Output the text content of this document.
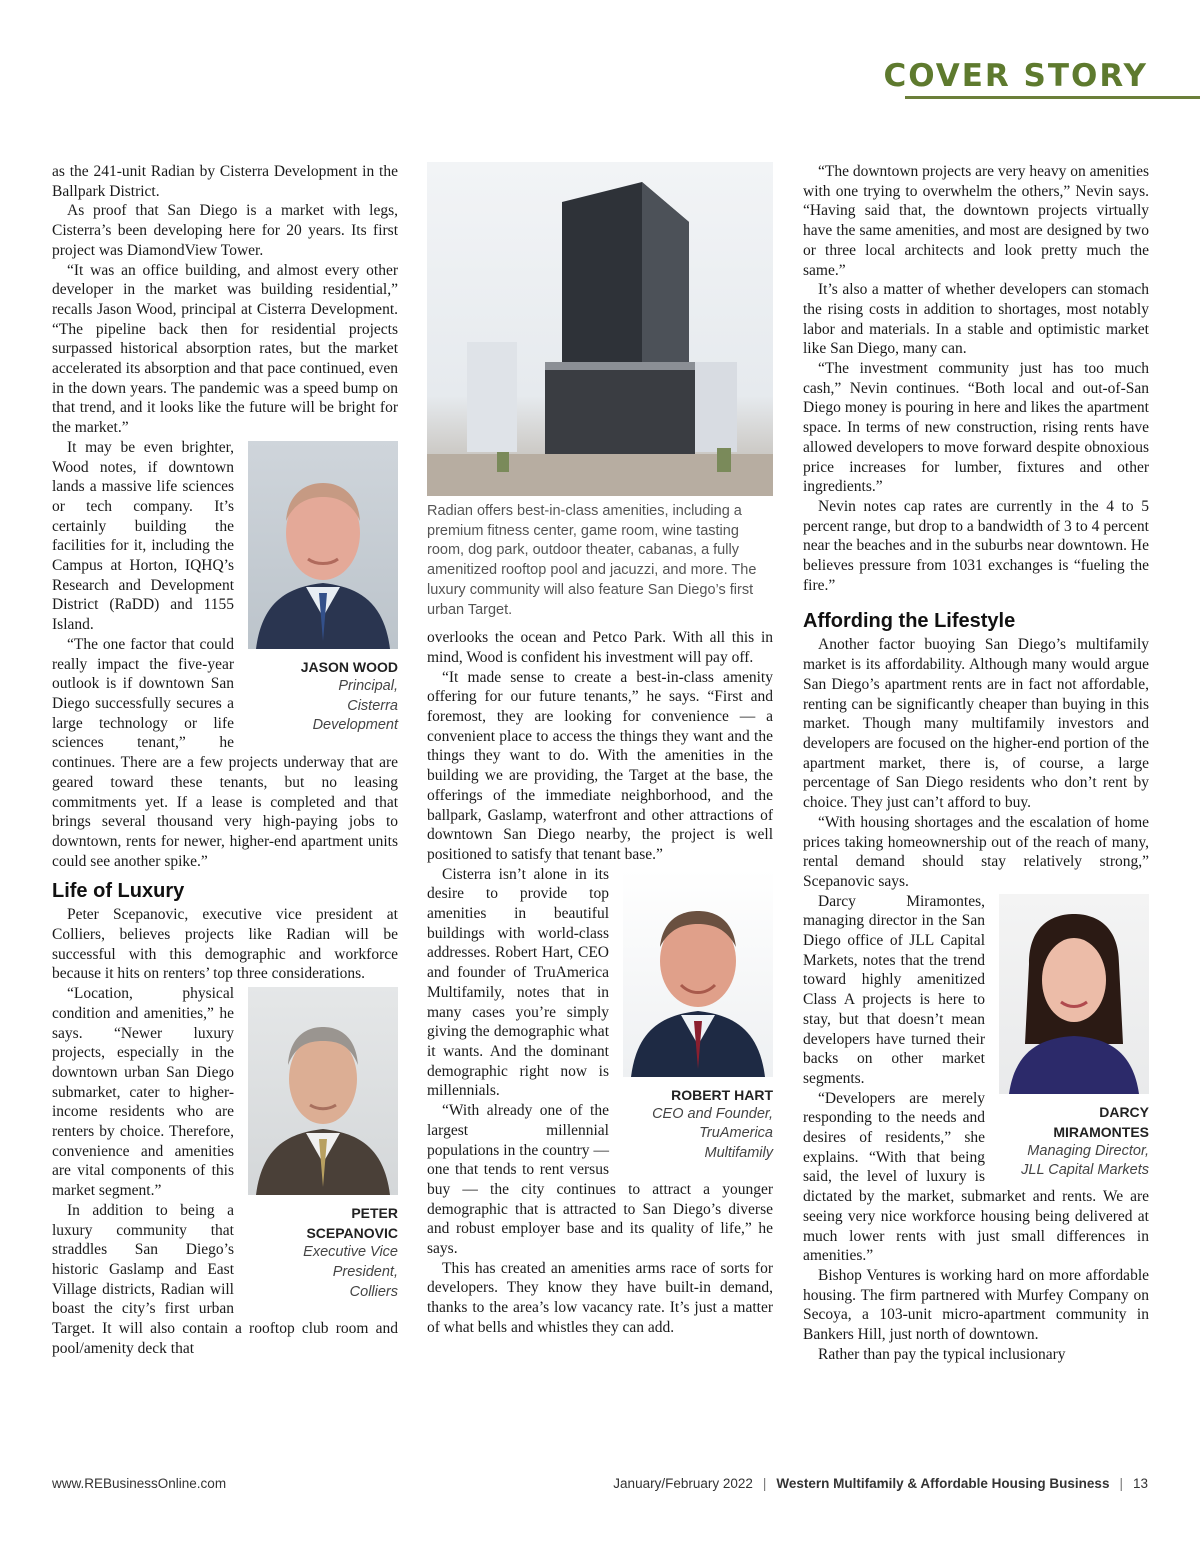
COVER STORY

as the 241-unit Radian by Cisterra Development in the Ballpark District.

As proof that San Diego is a market with legs, Cisterra’s been developing here for 20 years. Its first project was DiamondView Tower.

“It was an office building, and almost every other developer in the market was building residential,” recalls Jason Wood, principal at Cisterra Development. “The pipeline back then for residential projects surpassed historical absorption rates, but the market accelerated its absorption and that pace continued, even in the down years. The pandemic was a speed bump on that trend, and it looks like the future will be bright for the market.”

JASON WOOD
Principal,
Cisterra
Development

It may be even brighter, Wood notes, if downtown lands a massive life sciences or tech company. It’s certainly building the facilities for it, including the Campus at Horton, IQHQ’s Research and Development District (RaDD) and 1155 Island.

“The one factor that could really impact the five-year outlook is if downtown San Diego successfully secures a large technology or life sciences tenant,” he continues. There are a few projects underway that are geared toward these tenants, but no leasing commitments yet. If a lease is completed and that brings several thousand very high-paying jobs to downtown, rents for newer, higher-end apartment units could see another spike.”

Life of Luxury

Peter Scepanovic, executive vice president at Colliers, believes projects like Radian will be successful with this demographic and workforce because it hits on renters’ top three considerations.

PETER
SCEPANOVIC
Executive Vice
President,
Colliers

“Location, physical condition and amenities,” he says. “Newer luxury projects, especially in the downtown urban San Diego submarket, cater to higher-income residents who are renters by choice. Therefore, convenience and amenities are vital components of this market segment.”

In addition to being a luxury community that straddles San Diego’s historic Gaslamp and East Village districts, Radian will boast the city’s first urban Target. It will also contain a rooftop club room and pool/amenity deck that

Radian offers best-in-class amenities, including a premium fitness center, game room, wine tasting room, dog park, outdoor theater, cabanas, a fully amenitized rooftop pool and jacuzzi, and more. The luxury community will also feature San Diego’s first urban Target.

overlooks the ocean and Petco Park. With all this in mind, Wood is confident his investment will pay off.

“It made sense to create a best-in-class amenity offering for our future tenants,” he says. “First and foremost, they are looking for convenience — a convenient place to access the things they want and the things they want to do. With the amenities in the building we are providing, the Target at the base, the offerings of the immediate neighborhood, and the ballpark, Gaslamp, waterfront and other attractions of downtown San Diego nearby, the project is well positioned to satisfy that tenant base.”

ROBERT HART
CEO and Founder,
TruAmerica
Multifamily

Cisterra isn’t alone in its desire to provide top amenities in beautiful buildings with world-class addresses. Robert Hart, CEO and founder of TruAmerica Multifamily, notes that in many cases you’re simply giving the demographic what it wants. And the dominant demographic right now is millennials.

“With already one of the largest millennial populations in the country — one that tends to rent versus buy — the city continues to attract a younger demographic that is attracted to San Diego’s diverse and robust employer base and its quality of life,” he says.

This has created an amenities arms race of sorts for developers. They know they have built-in demand, thanks to the area’s low vacancy rate. It’s just a matter of what bells and whistles they can add.

“The downtown projects are very heavy on amenities with one trying to overwhelm the others,” Nevin says. “Having said that, the downtown projects virtually have the same amenities, and most are designed by two or three local architects and look pretty much the same.”

It’s also a matter of whether developers can stomach the rising costs in addition to shortages, most notably labor and materials. In a stable and optimistic market like San Diego, many can.

“The investment community just has too much cash,” Nevin continues. “Both local and out-of-San Diego money is pouring in here and likes the apartment space. In terms of new construction, rising rents have allowed developers to move forward despite obnoxious price increases for lumber, fixtures and other ingredients.”

Nevin notes cap rates are currently in the 4 to 5 percent range, but drop to a bandwidth of 3 to 4 percent near the beaches and in the suburbs near downtown. He believes pressure from 1031 exchanges is “fueling the fire.”

Affording the Lifestyle

Another factor buoying San Diego’s multifamily market is its affordability. Although many would argue San Diego’s apartment rents are in fact not affordable, renting can be significantly cheaper than buying in this market. Though many multifamily investors and developers are focused on the higher-end portion of the apartment market, there is, of course, a large percentage of San Diego residents who don’t rent by choice. They just can’t afford to buy.

“With housing shortages and the escalation of home prices taking homeownership out of the reach of many, rental demand should stay relatively strong,” Scepanovic says.

DARCY
MIRAMONTES
Managing Director,
JLL Capital Markets

Darcy Miramontes, managing director in the San Diego office of JLL Capital Markets, notes that the trend toward highly amenitized Class A projects is here to stay, but that doesn’t mean developers have turned their backs on other market segments.

“Developers are merely responding to the needs and desires of residents,” she explains. “With that being said, the level of luxury is dictated by the market, submarket and rents. We are seeing very nice workforce housing being delivered at much lower rents with just small differences in amenities.”

Bishop Ventures is working hard on more affordable housing. The firm partnered with Murfey Company on Secoya, a 103-unit micro-apartment community in Bankers Hill, just north of downtown.

Rather than pay the typical inclusionary

www.REBusinessOnline.com	January/February 2022 | Western Multifamily & Affordable Housing Business | 13
